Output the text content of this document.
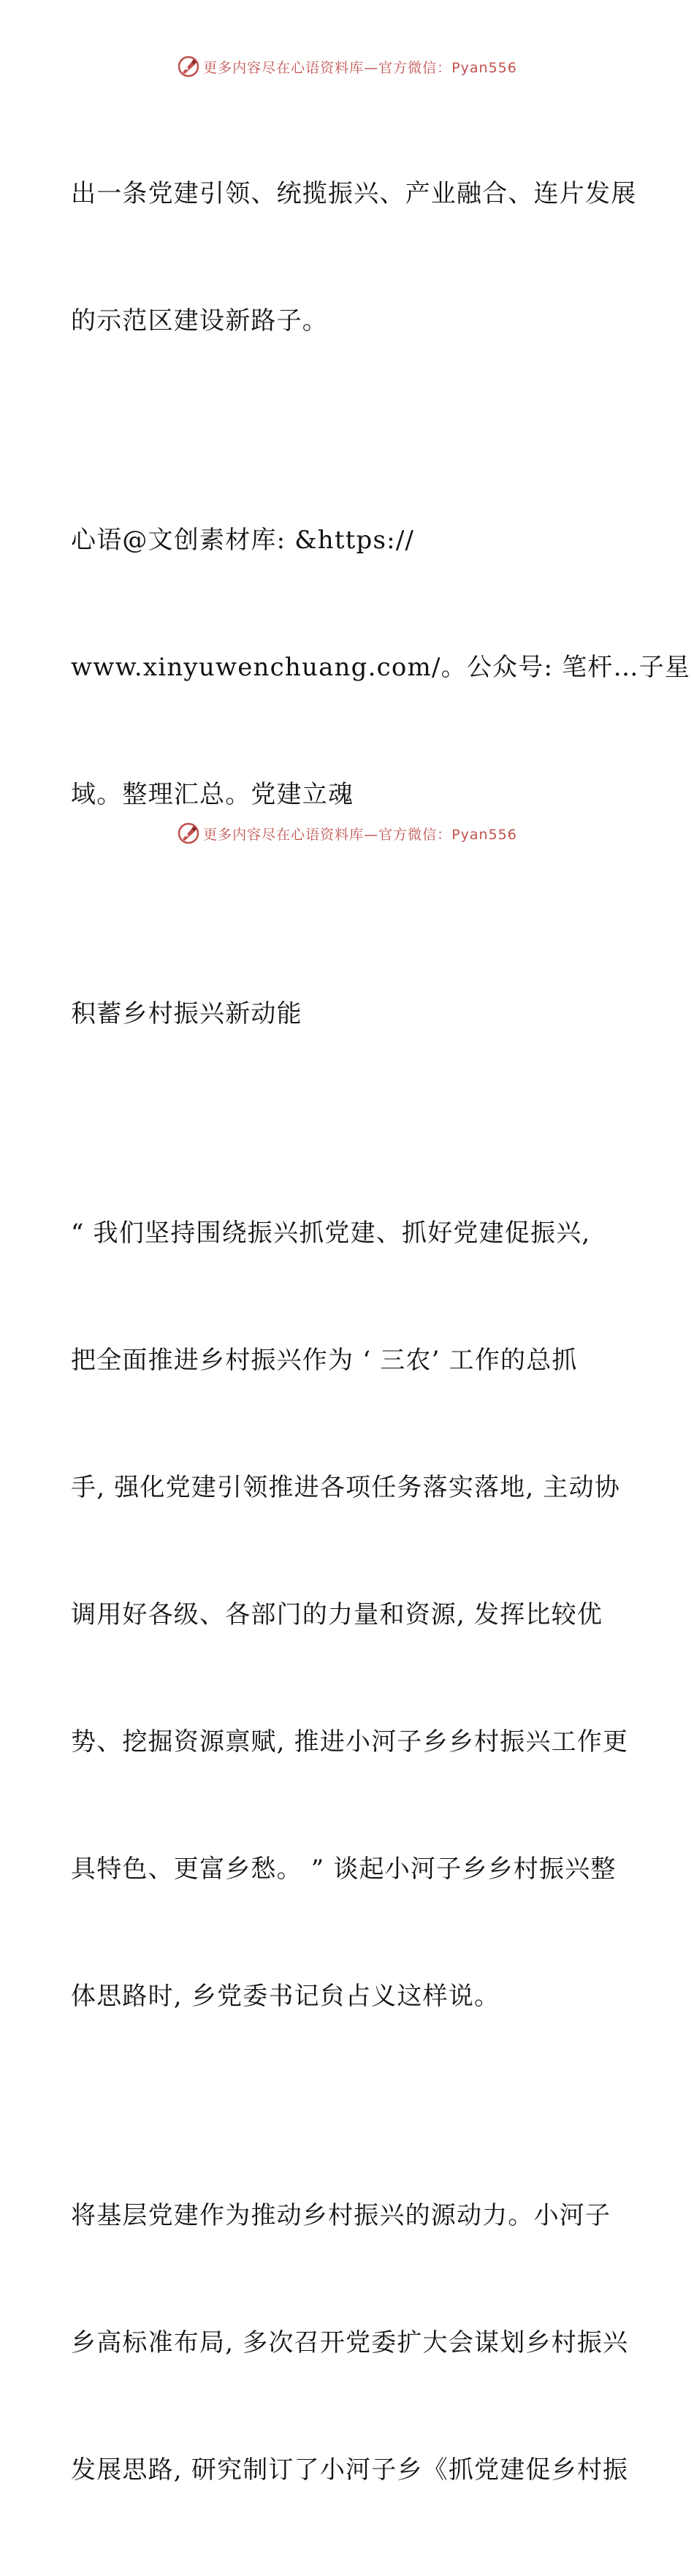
更多内容尽在心语资料库—官方微信：Pyan556

出一条党建引领、统揽振兴、产业融合、连片发展

的示范区建设新路子。

心语@文创素材库: &https://

www.xinyuwenchuang.com/。公众号: 笔杆…子星

域。整理汇总。党建立魂

积蓄乡村振兴新动能

“ 我们坚持围绕振兴抓党建、抓好党建促振兴,

把全面推进乡村振兴作为 ‘ 三农’ 工作的总抓

手, 强化党建引领推进各项任务落实落地, 主动协

调用好各级、各部门的力量和资源, 发挥比较优

势、挖掘资源禀赋, 推进小河子乡乡村振兴工作更

具特色、更富乡愁。 ” 谈起小河子乡乡村振兴整

体思路时, 乡党委书记贠占义这样说。

将基层党建作为推动乡村振兴的源动力。小河子

乡高标准布局, 多次召开党委扩大会谋划乡村振兴

发展思路, 研究制订了小河子乡《抓党建促乡村振

更多内容尽在心语资料库—官方微信：Pyan556
